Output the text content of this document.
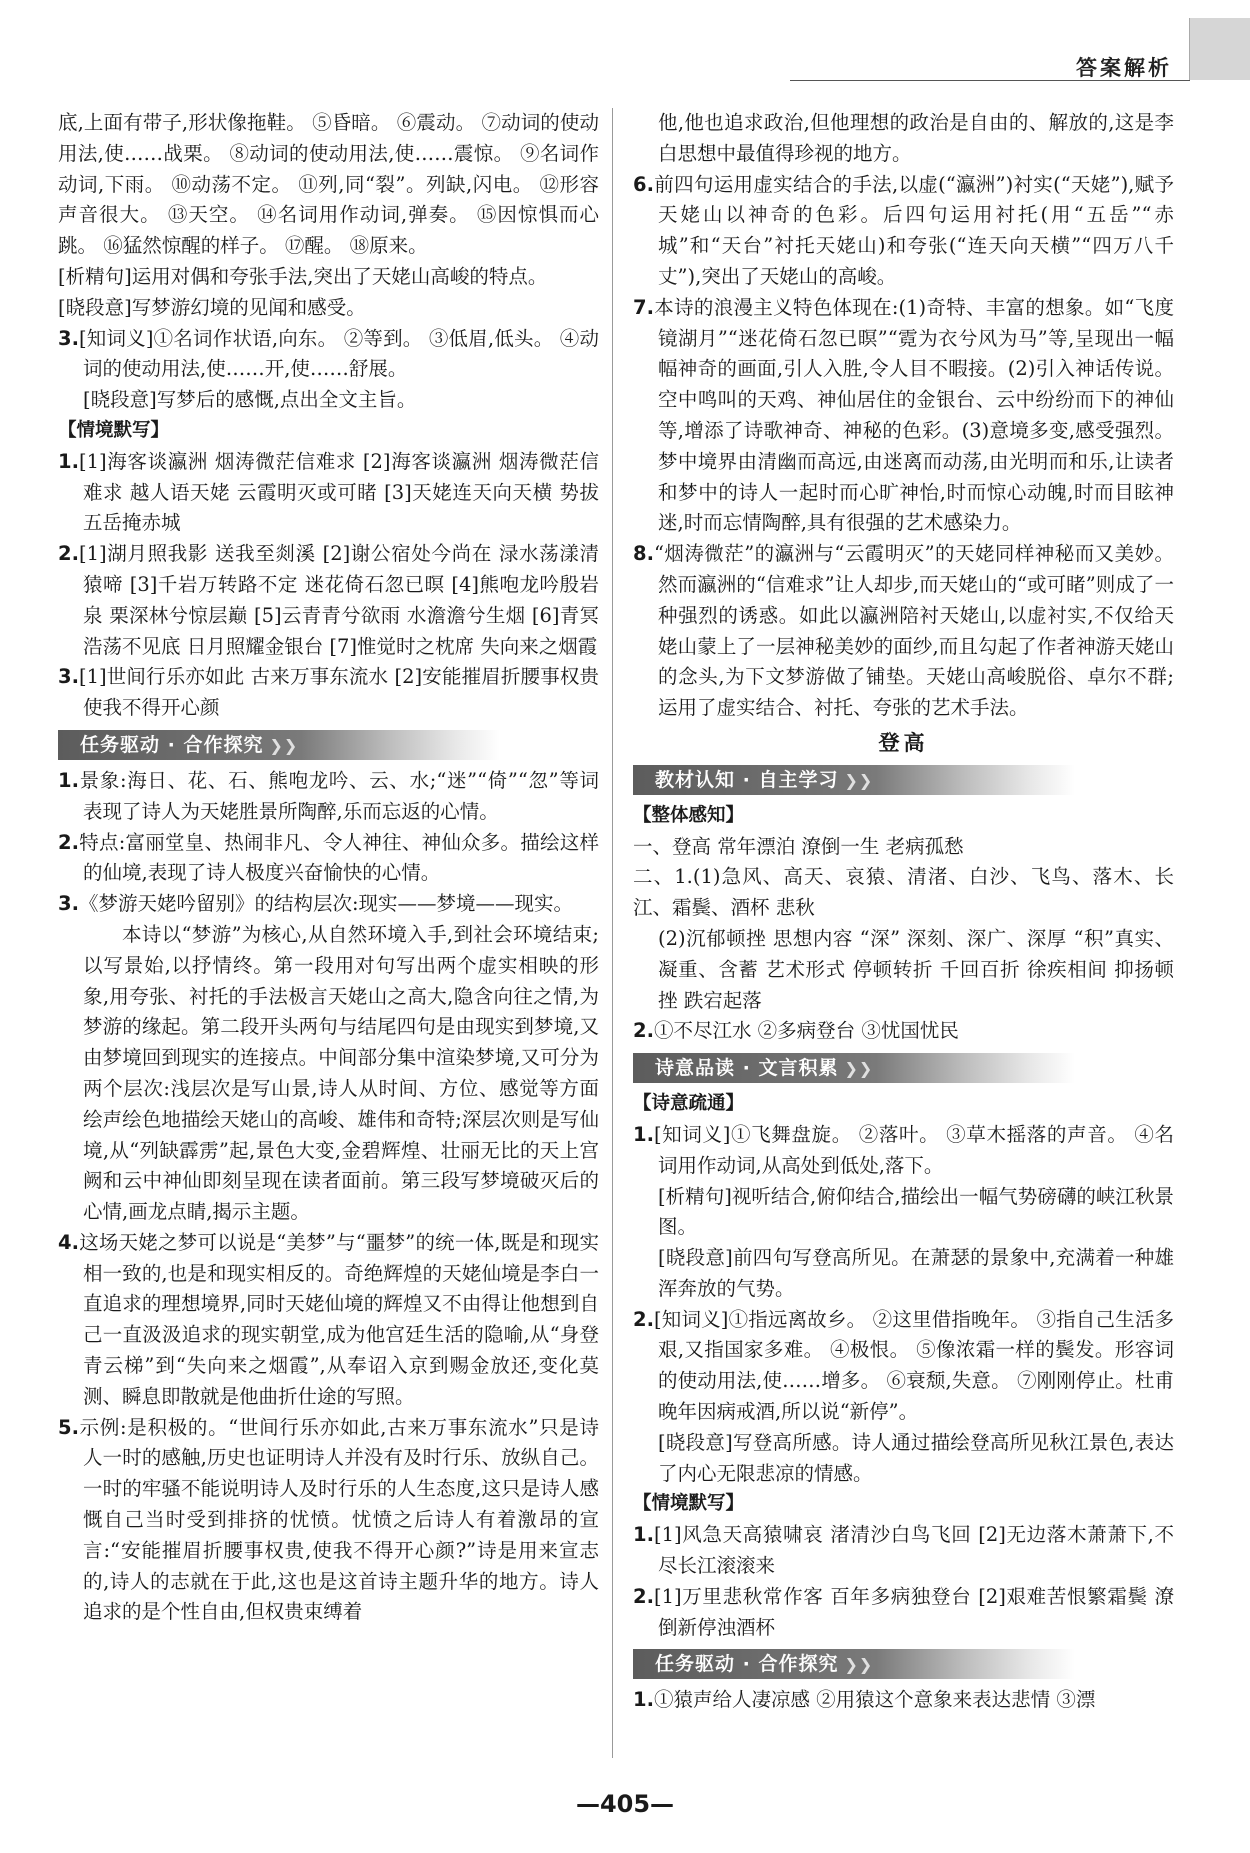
答案解析

底,上面有带子,形状像拖鞋。 ⑤昏暗。 ⑥震动。 ⑦动词的使动用法,使……战栗。 ⑧动词的使动用法,使……震惊。 ⑨名词作动词,下雨。 ⑩动荡不定。 ⑪列,同“裂”。列缺,闪电。 ⑫形容声音很大。 ⑬天空。 ⑭名词用作动词,弹奏。 ⑮因惊惧而心跳。 ⑯猛然惊醒的样子。 ⑰醒。 ⑱原来。

[析精句]运用对偶和夸张手法,突出了天姥山高峻的特点。

[晓段意]写梦游幻境的见闻和感受。

3.[知词义]①名词作状语,向东。 ②等到。 ③低眉,低头。 ④动词的使动用法,使……开,使……舒展。

[晓段意]写梦后的感慨,点出全文主旨。

【情境默写】

1.[1]海客谈瀛洲 烟涛微茫信难求 [2]海客谈瀛洲 烟涛微茫信难求 越人语天姥 云霞明灭或可睹 [3]天姥连天向天横 势拔五岳掩赤城

2.[1]湖月照我影 送我至剡溪 [2]谢公宿处今尚在 渌水荡漾清猿啼 [3]千岩万转路不定 迷花倚石忽已暝 [4]熊咆龙吟殷岩泉 栗深林兮惊层巅 [5]云青青兮欲雨 水澹澹兮生烟 [6]青冥浩荡不见底 日月照耀金银台 [7]惟觉时之枕席 失向来之烟霞

3.[1]世间行乐亦如此 古来万事东流水 [2]安能摧眉折腰事权贵 使我不得开心颜

任务驱动 · 合作探究 ❯❯

1.景象:海日、花、石、熊咆龙吟、云、水;“迷”“倚”“忽”等词表现了诗人为天姥胜景所陶醉,乐而忘返的心情。

2.特点:富丽堂皇、热闹非凡、令人神往、神仙众多。描绘这样的仙境,表现了诗人极度兴奋愉快的心情。

3.《梦游天姥吟留别》的结构层次:现实——梦境——现实。

本诗以“梦游”为核心,从自然环境入手,到社会环境结束;以写景始,以抒情终。第一段用对句写出两个虚实相映的形象,用夸张、衬托的手法极言天姥山之高大,隐含向往之情,为梦游的缘起。第二段开头两句与结尾四句是由现实到梦境,又由梦境回到现实的连接点。中间部分集中渲染梦境,又可分为两个层次:浅层次是写山景,诗人从时间、方位、感觉等方面绘声绘色地描绘天姥山的高峻、雄伟和奇特;深层次则是写仙境,从“列缺霹雳”起,景色大变,金碧辉煌、壮丽无比的天上宫阙和云中神仙即刻呈现在读者面前。第三段写梦境破灭后的心情,画龙点睛,揭示主题。

4.这场天姥之梦可以说是“美梦”与“噩梦”的统一体,既是和现实相一致的,也是和现实相反的。奇绝辉煌的天姥仙境是李白一直追求的理想境界,同时天姥仙境的辉煌又不由得让他想到自己一直汲汲追求的现实朝堂,成为他宫廷生活的隐喻,从“身登青云梯”到“失向来之烟霞”,从奉诏入京到赐金放还,变化莫测、瞬息即散就是他曲折仕途的写照。

5.示例:是积极的。“世间行乐亦如此,古来万事东流水”只是诗人一时的感触,历史也证明诗人并没有及时行乐、放纵自己。一时的牢骚不能说明诗人及时行乐的人生态度,这只是诗人感慨自己当时受到排挤的忧愤。忧愤之后诗人有着激昂的宣言:“安能摧眉折腰事权贵,使我不得开心颜?”诗是用来宣志的,诗人的志就在于此,这也是这首诗主题升华的地方。诗人追求的是个性自由,但权贵束缚着

他,他也追求政治,但他理想的政治是自由的、解放的,这是李白思想中最值得珍视的地方。

6.前四句运用虚实结合的手法,以虚(“瀛洲”)衬实(“天姥”),赋予天姥山以神奇的色彩。后四句运用衬托(用“五岳”“赤城”和“天台”衬托天姥山)和夸张(“连天向天横”“四万八千丈”),突出了天姥山的高峻。

7.本诗的浪漫主义特色体现在:(1)奇特、丰富的想象。如“飞度镜湖月”“迷花倚石忽已暝”“霓为衣兮风为马”等,呈现出一幅幅神奇的画面,引人入胜,令人目不暇接。(2)引入神话传说。空中鸣叫的天鸡、神仙居住的金银台、云中纷纷而下的神仙等,增添了诗歌神奇、神秘的色彩。(3)意境多变,感受强烈。梦中境界由清幽而高远,由迷离而动荡,由光明而和乐,让读者和梦中的诗人一起时而心旷神怡,时而惊心动魄,时而目眩神迷,时而忘情陶醉,具有很强的艺术感染力。

8.“烟涛微茫”的瀛洲与“云霞明灭”的天姥同样神秘而又美妙。然而瀛洲的“信难求”让人却步,而天姥山的“或可睹”则成了一种强烈的诱惑。如此以瀛洲陪衬天姥山,以虚衬实,不仅给天姥山蒙上了一层神秘美妙的面纱,而且勾起了作者神游天姥山的念头,为下文梦游做了铺垫。天姥山高峻脱俗、卓尔不群;运用了虚实结合、衬托、夸张的艺术手法。

登高
教材认知 · 自主学习 ❯❯

【整体感知】

一、登高 常年漂泊 潦倒一生 老病孤愁

二、1.(1)急风、高天、哀猿、清渚、白沙、飞鸟、落木、长江、霜鬓、酒杯 悲秋

(2)沉郁顿挫 思想内容 “深” 深刻、深广、深厚 “积”真实、凝重、含蓄 艺术形式 停顿转折 千回百折 徐疾相间 抑扬顿挫 跌宕起落

2.①不尽江水 ②多病登台 ③忧国忧民

诗意品读 · 文言积累 ❯❯

【诗意疏通】

1.[知词义]①飞舞盘旋。 ②落叶。 ③草木摇落的声音。 ④名词用作动词,从高处到低处,落下。

[析精句]视听结合,俯仰结合,描绘出一幅气势磅礴的峡江秋景图。

[晓段意]前四句写登高所见。在萧瑟的景象中,充满着一种雄浑奔放的气势。

2.[知词义]①指远离故乡。 ②这里借指晚年。 ③指自己生活多艰,又指国家多难。 ④极恨。 ⑤像浓霜一样的鬓发。形容词的使动用法,使……增多。 ⑥衰颓,失意。 ⑦刚刚停止。杜甫晚年因病戒酒,所以说“新停”。

[晓段意]写登高所感。诗人通过描绘登高所见秋江景色,表达了内心无限悲凉的情感。

【情境默写】

1.[1]风急天高猿啸哀 渚清沙白鸟飞回 [2]无边落木萧萧下,不尽长江滚滚来

2.[1]万里悲秋常作客 百年多病独登台 [2]艰难苦恨繁霜鬓 潦倒新停浊酒杯

任务驱动 · 合作探究 ❯❯

1.①猿声给人凄凉感 ②用猿这个意象来表达悲情 ③漂

—405—
